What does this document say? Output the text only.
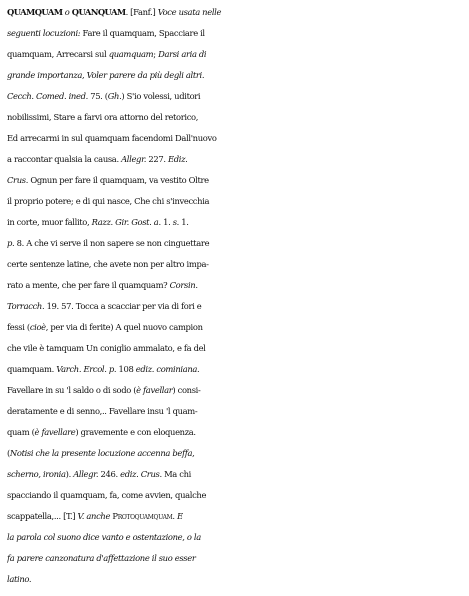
QUAMQUAM o QUANQUAM. [Fanf.] Voce usata nelle
seguenti locuzioni: Fare il quamquam, Spacciare il
quamquam, Arrecarsi sul quamquam; Darsi aria di
grande importanza, Voler parere da più degli altri.
Cecch. Comed. ined. 75. (Gh.) S'io volessi, uditori
nobilissimi, Stare a farvi ora attorno del retorico,
Ed arrecarmi in sul quamquam facendomi Dall'nuovo
a raccontar qualsia la causa. Allegr. 227. Ediz.
Crus. Ognun per fare il quamquam, va vestito Oltre
il proprio potere; e di qui nasce, Che chi s'invecchia
in corte, muor fallito, Razz. Gir. Gost. a. 1. s. 1.
p. 8. A che vi serve il non sapere se non cinguettare
certe sentenze latine, che avete non per altro impa-
rato a mente, che per fare il quamquam? Corsin.
Torracch. 19. 57. Tocca a scacciar per via di fori e
fessi (cioè, per via di ferite) A quel nuovo campion
che vile è tamquam Un coniglio ammalato, e fa del
quamquam. Varch. Ercol. p. 108 ediz. cominiana.
Favellare in su 'l saldo o di sodo (è favellar) consi-
deratamente e di senno,.. Favellare insu 'l quam-
quam (è favellare) gravemente e con eloquenza.
(Notisi che la presente locuzione accenna beffa,
scherno, ironia). Allegr. 246. ediz. Crus. Ma chi
spacciando il quamquam, fa, come avvien, qualche
scappatella,... [T.] V. anche Protoquamquam. E
la parola col suono dice vanto e ostentazione, o la
fa parere canzonatura d'affettazione il suo esser
latino.
